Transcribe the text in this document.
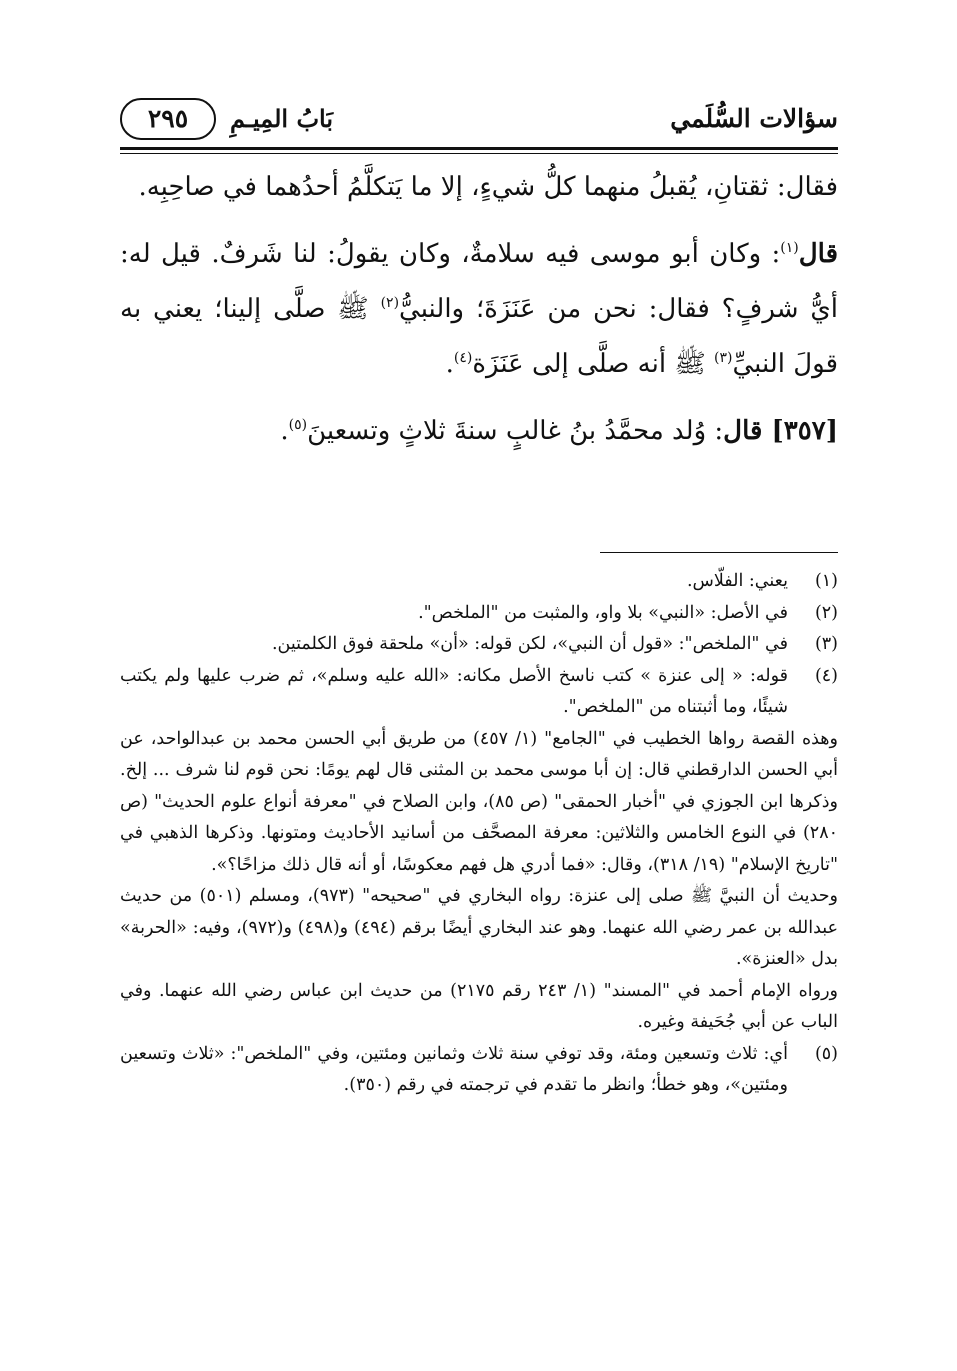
سؤالات السُّلَمي
بَابُ المِيـمِ
٢٩٥

فقال: ثقتانِ، يُقبلُ منهما كلُّ شيءٍ، إلا ما يَتكلَّمُ أحدُهما في صاحِبِه.

قال$^{(١)}$: وكان أبو موسى فيه سلامةٌ، وكان يقولُ: لنا شَرفٌ. قيل له: أيُّ شرفٍ؟ فقال: نحن من عَنَزَةَ؛ والنبيُّ$^{(٢)}$ ﷺ صلَّى إلينا؛ يعني به قولَ النبيِّ$^{(٣)}$ ﷺ أنه صلَّى إلى عَنَزَة$^{(٤)}$.

[٣٥٧] قال: وُلد محمَّدُ بنُ غالبٍ سنةَ ثلاثٍ وتسعينَ$^{(٥)}$.

(١)
يعني: الفلّاس.

(٢)
في الأصل: «النبي» بلا واو، والمثبت من "الملخص".

(٣)
في "الملخص": «قول أن النبي»، لكن قوله: «أن» ملحقة فوق الكلمتين.

(٤)
قوله: « إلى عنزة » كتب ناسخ الأصل مكانه: «الله عليه وسلم»، ثم ضرب عليها ولم يكتب شيئًا، وما أثبتناه من "الملخص".

وهذه القصة رواها الخطيب في "الجامع" (١/ ٤٥٧) من طريق أبي الحسن محمد بن عبدالواحد، عن أبي الحسن الدارقطني قال: إن أبا موسى محمد بن المثنى قال لهم يومًا: نحن قوم لنا شرف ... إلخ. وذكرها ابن الجوزي في "أخبار الحمقى" (ص ٨٥)، وابن الصلاح في "معرفة أنواع علوم الحديث" (ص ٢٨٠) في النوع الخامس والثلاثين: معرفة المصحَّف من أسانيد الأحاديث ومتونها. وذكرها الذهبي في "تاريخ الإسلام" (١٩/ ٣١٨)، وقال: «فما أدري هل فهم معكوسًا، أو أنه قال ذلك مزاحًا؟».

وحديث أن النبيَّ ﷺ صلى إلى عنزة: رواه البخاري في "صحيحه" (٩٧٣)، ومسلم (٥٠١) من حديث عبدالله بن عمر رضي الله عنهما. وهو عند البخاري أيضًا برقم (٤٩٤) و(٤٩٨) و(٩٧٢)، وفيه: «الحربة» بدل «العنزة».

ورواه الإمام أحمد في "المسند" (١/ ٢٤٣ رقم ٢١٧٥) من حديث ابن عباس رضي الله عنهما. وفي الباب عن أبي جُحَيفة وغيره.

(٥)
أي: ثلاث وتسعين ومئة، وقد توفي سنة ثلاث وثمانين ومئتين، وفي "الملخص": «ثلاث وتسعين ومئتين»، وهو خطأ؛ وانظر ما تقدم في ترجمته في رقم (٣٥٠).
